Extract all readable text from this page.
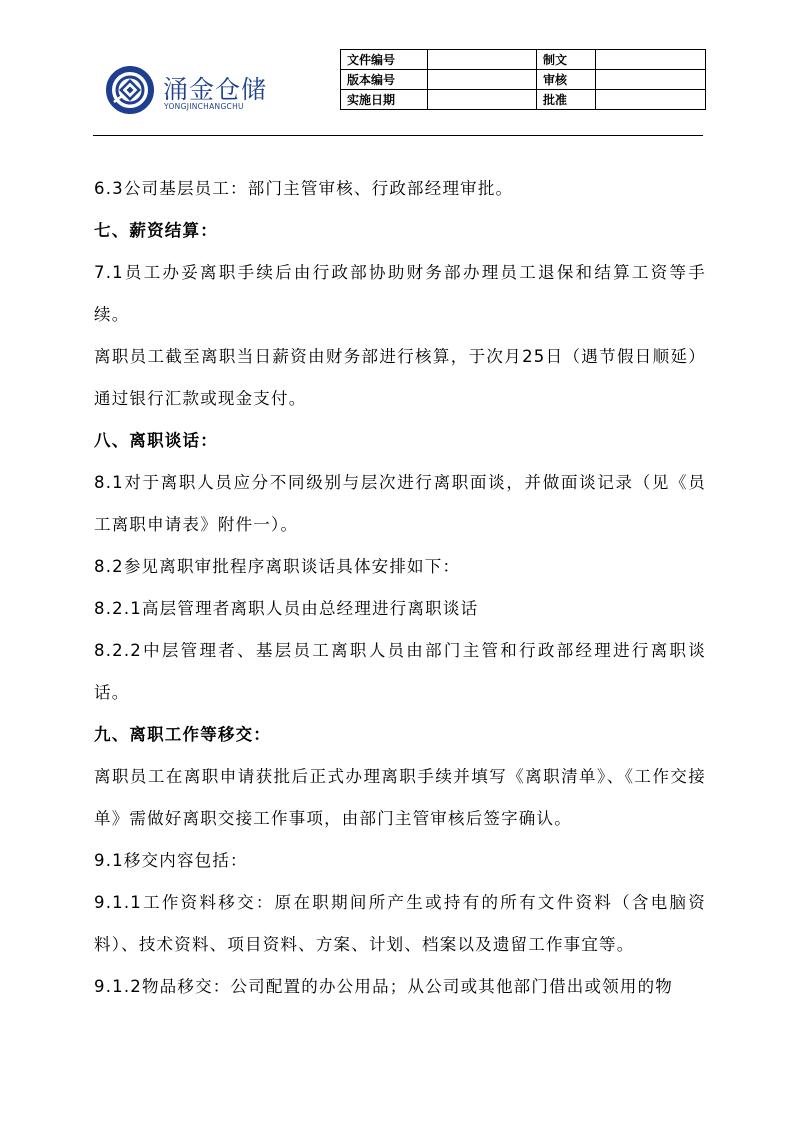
涌金仓储
YONGJINCHANGCHU
文件编号		制文	
版本编号		审核	
实施日期		批准	

6.3公司基层员工：部门主管审核、行政部经理审批。

七、薪资结算：

7.1员工办妥离职手续后由行政部协助财务部办理员工退保和结算工资等手续。

离职员工截至离职当日薪资由财务部进行核算，于次月25日（遇节假日顺延）通过银行汇款或现金支付。

八、离职谈话：

8.1对于离职人员应分不同级别与层次进行离职面谈，并做面谈记录（见《员工离职申请表》附件一）。

8.2参见离职审批程序离职谈话具体安排如下：

8.2.1高层管理者离职人员由总经理进行离职谈话

8.2.2中层管理者、基层员工离职人员由部门主管和行政部经理进行离职谈话。

九、离职工作等移交：

离职员工在离职申请获批后正式办理离职手续并填写《离职清单》、《工作交接单》需做好离职交接工作事项，由部门主管审核后签字确认。

9.1移交内容包括：

9.1.1工作资料移交：原在职期间所产生或持有的所有文件资料（含电脑资料）、技术资料、项目资料、方案、计划、档案以及遗留工作事宜等。

9.1.2物品移交：公司配置的办公用品；从公司或其他部门借出或领用的物
